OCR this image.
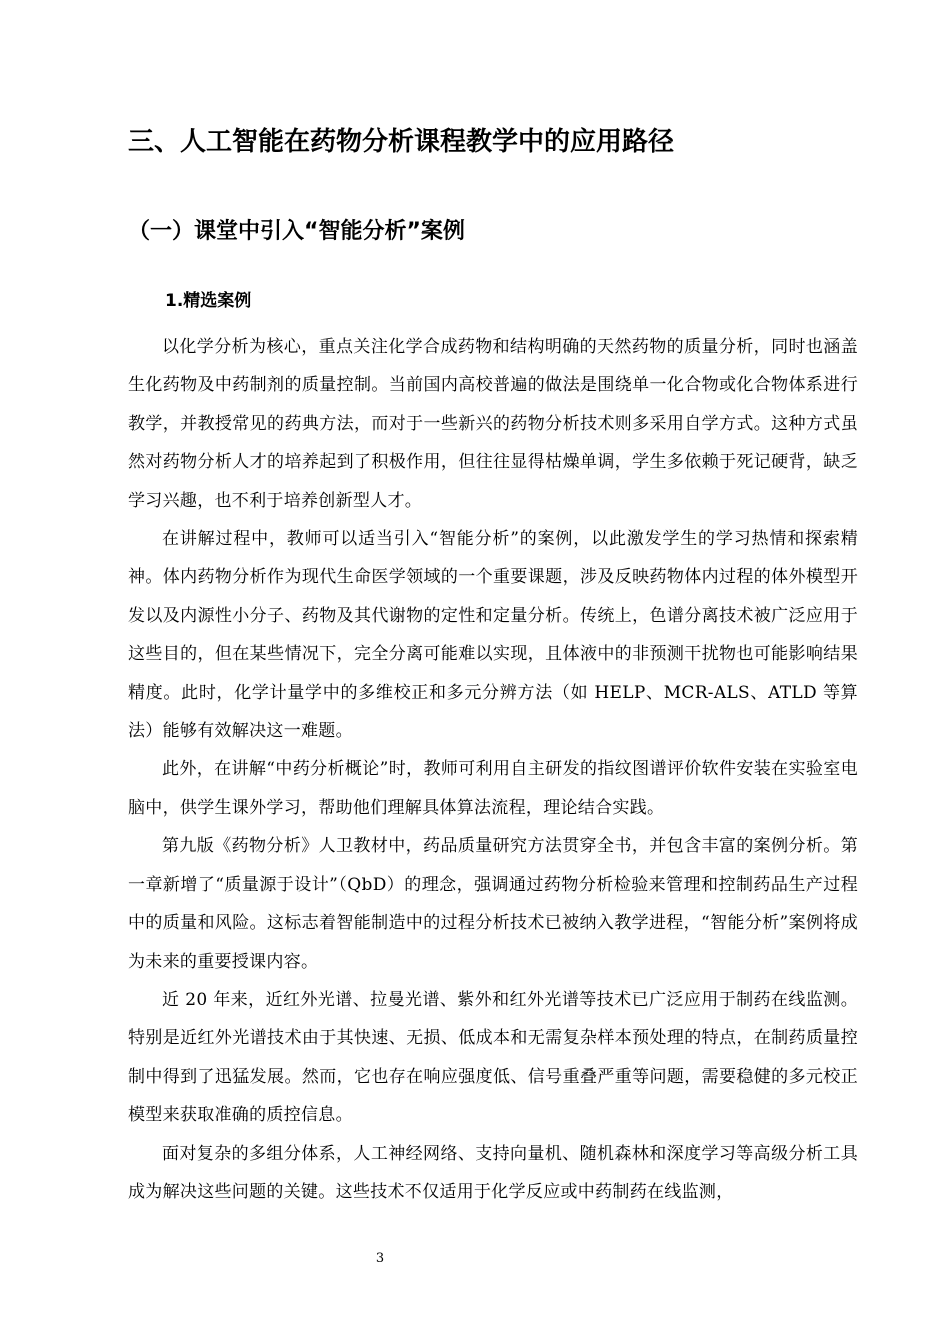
三、人工智能在药物分析课程教学中的应用路径
（一）课堂中引入“智能分析”案例
1.精选案例

以化学分析为核心，重点关注化学合成药物和结构明确的天然药物的质量分析，同时也涵盖生化药物及中药制剂的质量控制。当前国内高校普遍的做法是围绕单一化合物或化合物体系进行教学，并教授常见的药典方法，而对于一些新兴的药物分析技术则多采用自学方式。这种方式虽然对药物分析人才的培养起到了积极作用，但往往显得枯燥单调，学生多依赖于死记硬背，缺乏学习兴趣，也不利于培养创新型人才。

在讲解过程中，教师可以适当引入“智能分析”的案例，以此激发学生的学习热情和探索精神。体内药物分析作为现代生命医学领域的一个重要课题，涉及反映药物体内过程的体外模型开发以及内源性小分子、药物及其代谢物的定性和定量分析。传统上，色谱分离技术被广泛应用于这些目的，但在某些情况下，完全分离可能难以实现，且体液中的非预测干扰物也可能影响结果精度。此时，化学计量学中的多维校正和多元分辨方法（如 HELP、MCR-ALS、ATLD 等算法）能够有效解决这一难题。

此外，在讲解“中药分析概论”时，教师可利用自主研发的指纹图谱评价软件安装在实验室电脑中，供学生课外学习，帮助他们理解具体算法流程，理论结合实践。

第九版《药物分析》人卫教材中，药品质量研究方法贯穿全书，并包含丰富的案例分析。第一章新增了“质量源于设计”（QbD）的理念，强调通过药物分析检验来管理和控制药品生产过程中的质量和风险。这标志着智能制造中的过程分析技术已被纳入教学进程，“智能分析”案例将成为未来的重要授课内容。

近 20 年来，近红外光谱、拉曼光谱、紫外和红外光谱等技术已广泛应用于制药在线监测。特别是近红外光谱技术由于其快速、无损、低成本和无需复杂样本预处理的特点，在制药质量控制中得到了迅猛发展。然而，它也存在响应强度低、信号重叠严重等问题，需要稳健的多元校正模型来获取准确的质控信息。

面对复杂的多组分体系，人工神经网络、支持向量机、随机森林和深度学习等高级分析工具成为解决这些问题的关键。这些技术不仅适用于化学反应或中药制药在线监测，

3
